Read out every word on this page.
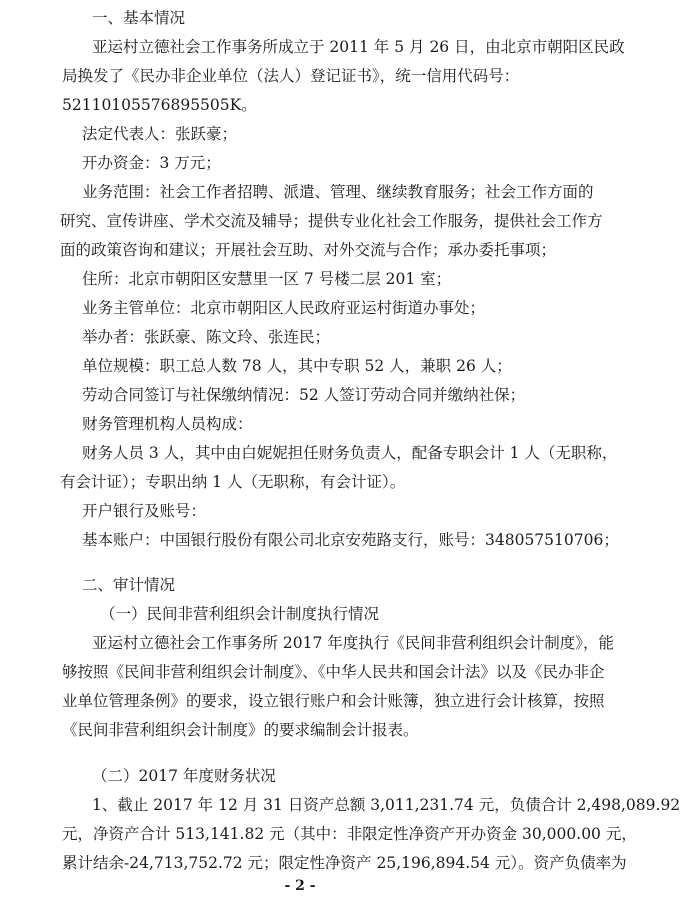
一、基本情况
亚运村立德社会工作事务所成立于 2011 年 5 月 26 日，由北京市朝阳区民政
局换发了《民办非企业单位（法人）登记证书》，统一信用代码号：
52110105576895505K。
法定代表人：张跃豪；
开办资金：3 万元；
业务范围：社会工作者招聘、派遣、管理、继续教育服务；社会工作方面的
研究、宣传讲座、学术交流及辅导；提供专业化社会工作服务，提供社会工作方
面的政策咨询和建议；开展社会互助、对外交流与合作；承办委托事项；
住所：北京市朝阳区安慧里一区 7 号楼二层 201 室；
业务主管单位：北京市朝阳区人民政府亚运村街道办事处；
举办者：张跃豪、陈文玲、张连民；
单位规模：职工总人数 78 人，其中专职 52 人，兼职 26 人；
劳动合同签订与社保缴纳情况：52 人签订劳动合同并缴纳社保；
财务管理机构人员构成：
财务人员 3 人，其中由白妮妮担任财务负责人，配备专职会计 1 人（无职称，
有会计证）；专职出纳 1 人（无职称，有会计证）。
开户银行及账号：
基本账户：中国银行股份有限公司北京安苑路支行，账号：348057510706；
二、审计情况
（一）民间非营利组织会计制度执行情况
亚运村立德社会工作事务所 2017 年度执行《民间非营利组织会计制度》，能
够按照《民间非营利组织会计制度》、《中华人民共和国会计法》以及《民办非企
业单位管理条例》的要求，设立银行账户和会计账簿，独立进行会计核算，按照
《民间非营利组织会计制度》的要求编制会计报表。
- 2 -
（二）2017 年度财务状况
1、截止 2017 年 12 月 31 日资产总额 3,011,231.74 元，负债合计 2,498,089.92
元，净资产合计 513,141.82 元（其中：非限定性净资产开办资金 30,000.00 元，
累计结余-24,713,752.72 元；限定性净资产 25,196,894.54 元）。资产负债率为
